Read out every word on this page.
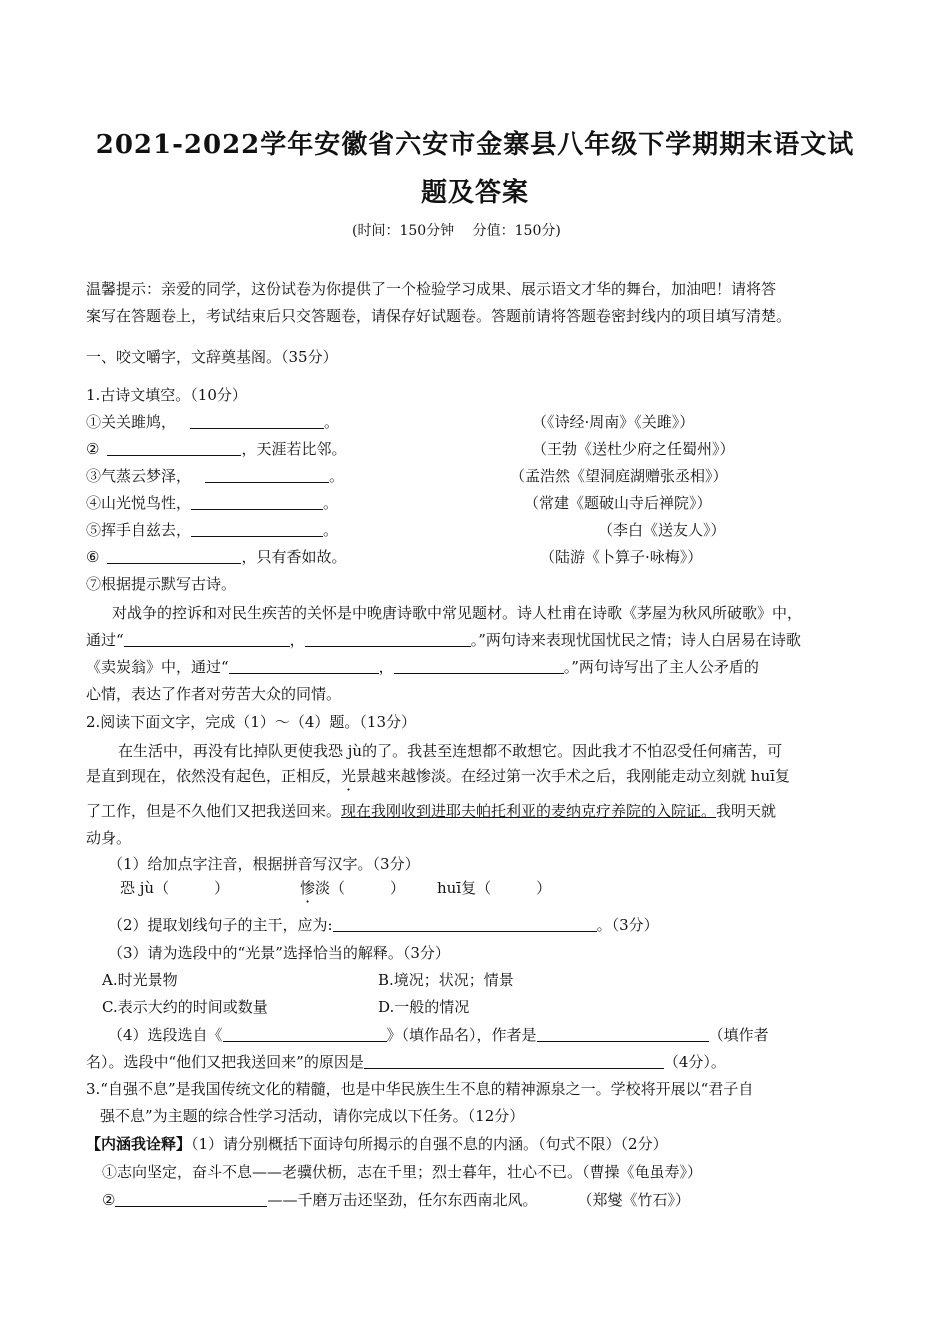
2021-2022学年安徽省六安市金寨县八年级下学期期末语文试
题及答案
(时间：150分钟　 分值：150分)
温馨提示：亲爱的同学，这份试卷为你提供了一个检验学习成果、展示语文才华的舞台，加油吧！请将答
案写在答题卷上，考试结束后只交答题卷，请保存好试题卷。答题前请将答题卷密封线内的项目填写清楚。
一、咬文嚼字，文辞奠基阁。（35分）
1.古诗文填空。（10分）
①关关雎鸠，	。	（《诗经·周南》《关雎》）
②	，天涯若比邻。	（王勃《送杜少府之任蜀州》）
③气蒸云梦泽，	。	（孟浩然《望洞庭湖赠张丞相》）
④山光悦鸟性，	。	（常建《题破山寺后禅院》）
⑤挥手自兹去，	。	（李白《送友人》）
⑥	，只有香如故。	（陆游《卜算子·咏梅》）
⑦根据提示默写古诗。
对战争的控诉和对民生疾苦的关怀是中晚唐诗歌中常见题材。诗人杜甫在诗歌《茅屋为秋风所破歌》中，
通过“	，	。”两句诗来表现忧国忧民之情；诗人白居易在诗歌
《卖炭翁》中，通过“	，	。”两句诗写出了主人公矛盾的
心情，表达了作者对劳苦大众的同情。
2.阅读下面文字，完成（1）～（4）题。（13分）
在生活中，再没有比掉队更使我恐 jù的了。我甚至连想都不敢想它。因此我才不怕忍受任何痛苦，可
是直到现在，依然没有起色，正相反，光景越来越惨淡。在经过第一次手术之后，我刚能走动立刻就 huī复
了工作，但是不久他们又把我送回来。现在我刚收到进耶夫帕托利亚的麦纳克疗养院的入院证。我明天就
动身。
（1）给加点字注音，根据拼音写汉字。（3分）
恐 jù（　　　）	惨淡（　　　） huī复（　　　）
（2）提取划线句子的主干，应为:	。（3分）
（3）请为选段中的“光景”选择恰当的解释。（3分）
A.时光景物	B.境况；状况；情景
C.表示大约的时间或数量	D.一般的情况
（4）选段选自《	》（填作品名），作者是	（填作者
名）。选段中“他们又把我送回来”的原因是	（4分）。
3.“自强不息”是我国传统文化的精髓，也是中华民族生生不息的精神源泉之一。学校将开展以“君子自
强不息”为主题的综合性学习活动，请你完成以下任务。（12分）
【内涵我诠释】（1）请分别概括下面诗句所揭示的自强不息的内涵。（句式不限）（2分）
①志向坚定，奋斗不息——老骥伏枥，志在千里；烈士暮年，壮心不已。（曹操《龟虽寿》）
②	——千磨万击还坚劲，任尔东西南北风。	（郑燮《竹石》）
